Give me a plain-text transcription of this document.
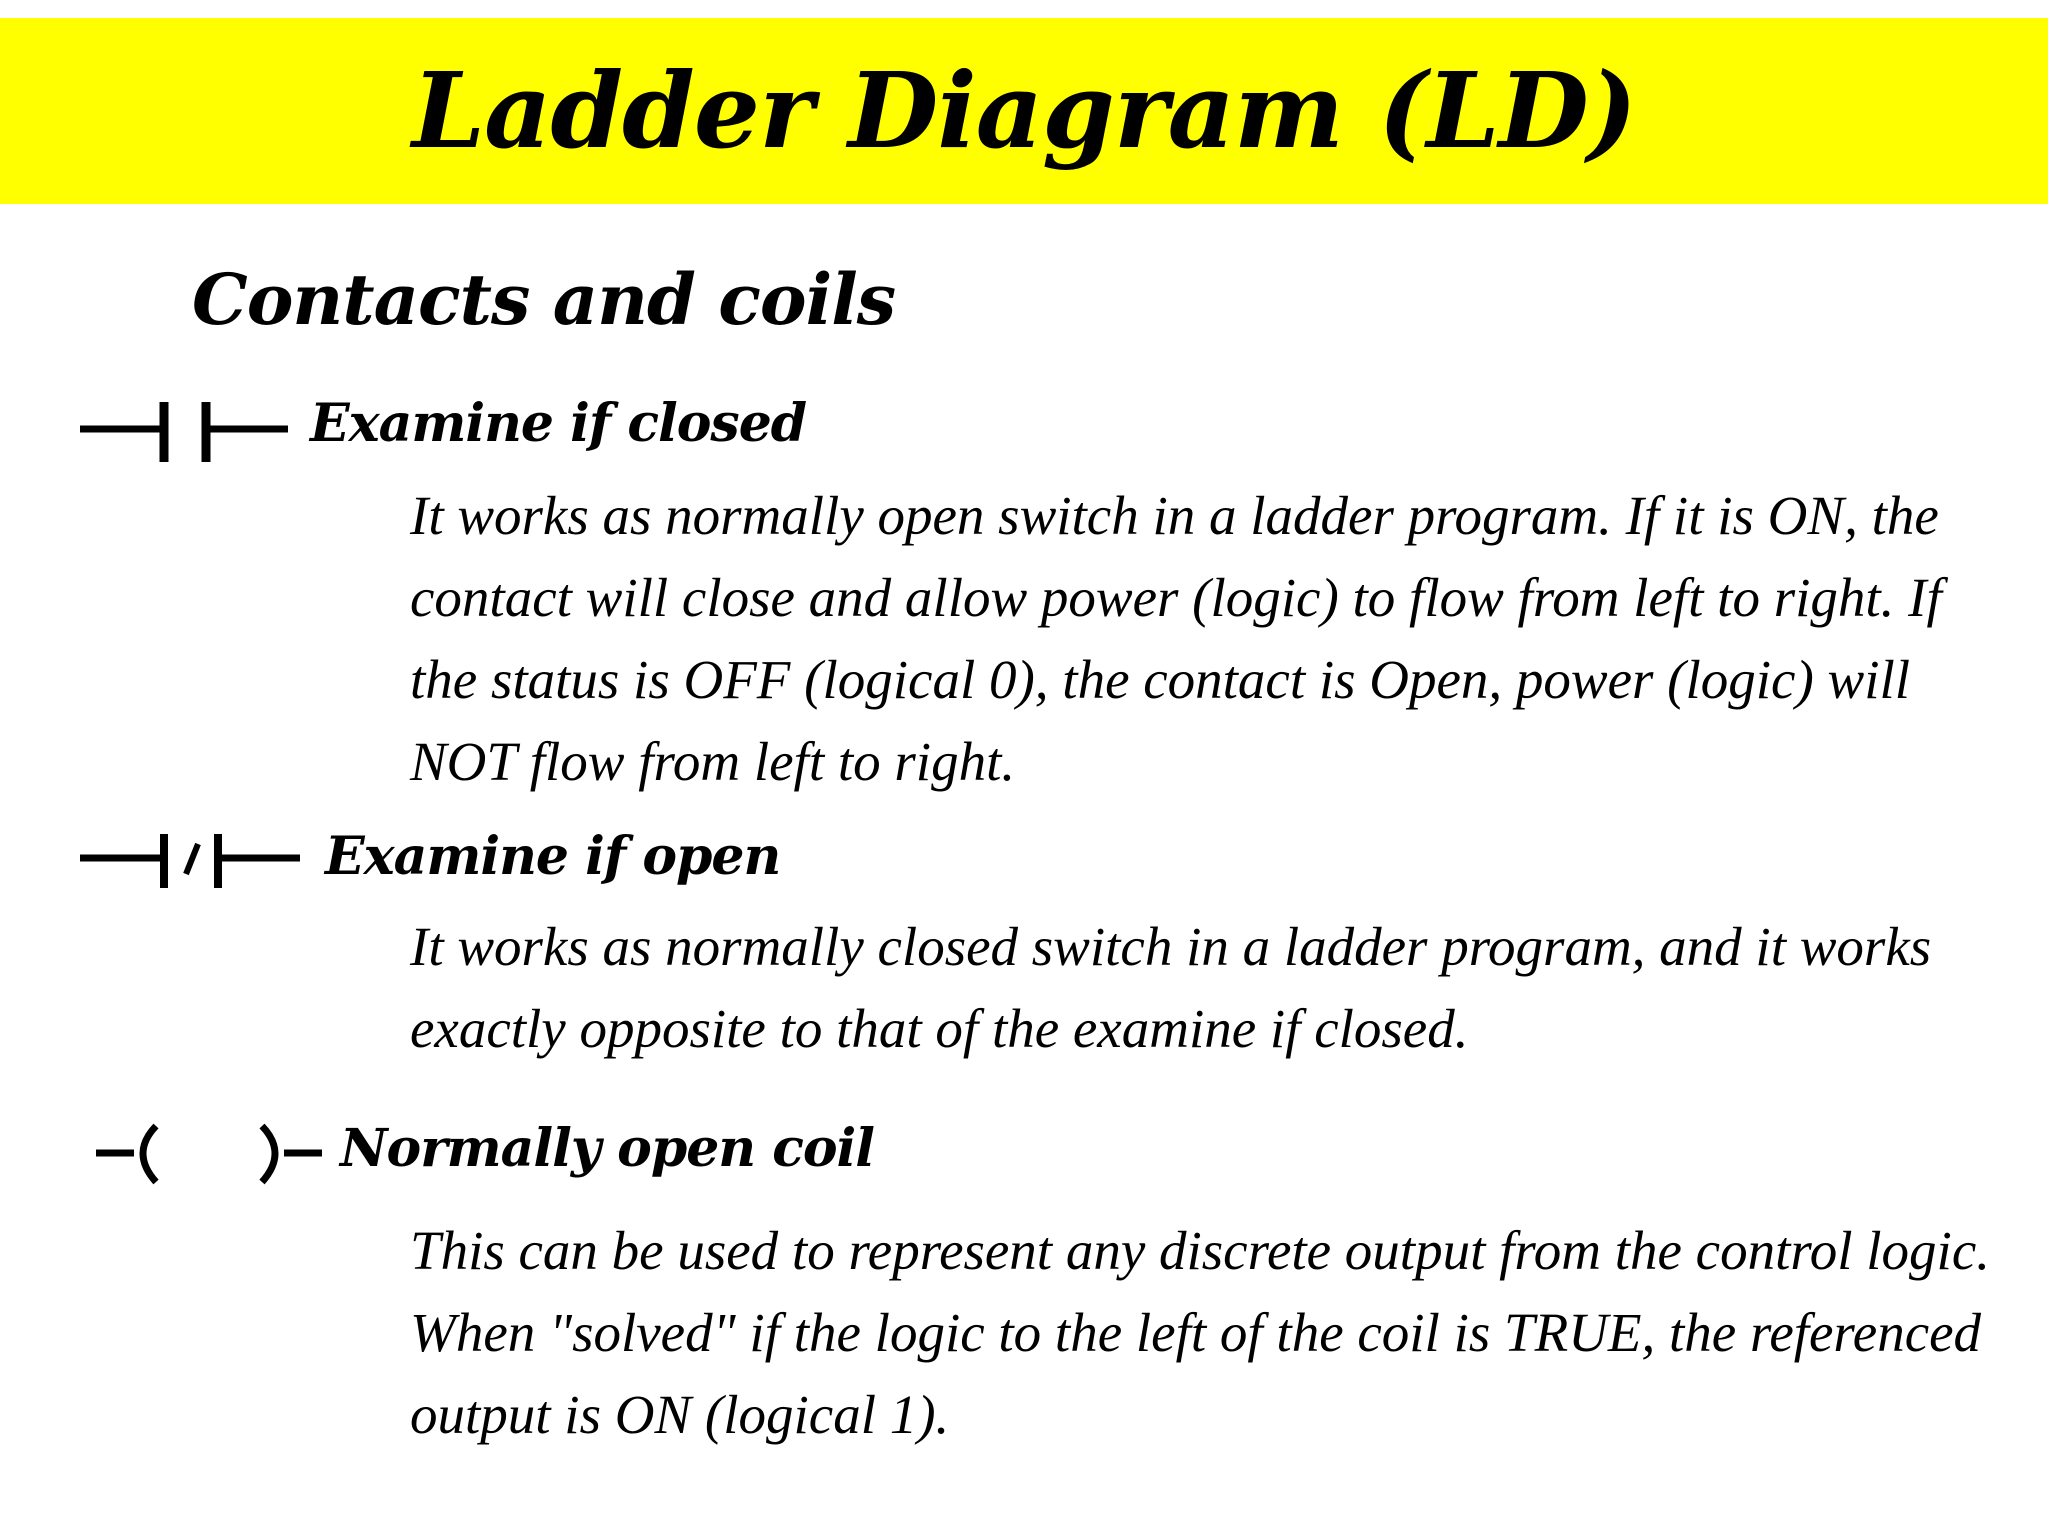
Ladder Diagram (LD)
Contacts and coils
Examine if closed

It works as normally open switch in a ladder program. If it is ON, the contact will close and allow power (logic) to flow from left to right. If the status is OFF (logical 0), the contact is Open, power (logic) will NOT flow from left to right.

Examine if open

It works as normally closed switch in a ladder program, and it works exactly opposite to that of the examine if closed.

Normally open coil

This can be used to represent any discrete output from the control logic. When "solved" if the logic to the left of the coil is TRUE, the referenced output is ON (logical 1).
